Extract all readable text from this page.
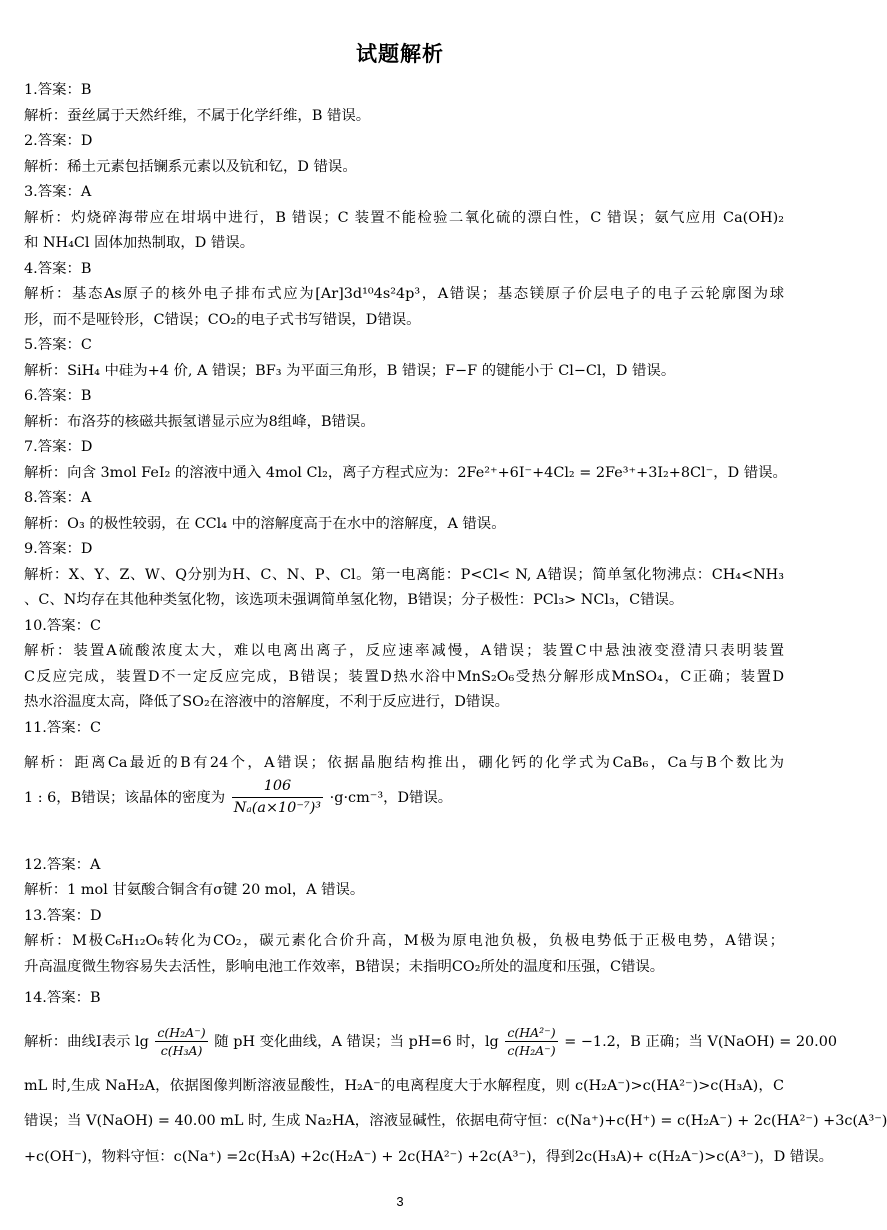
试题解析
1.答案：B
解析：蚕丝属于天然纤维，不属于化学纤维，B 错误。
2.答案：D
解析：稀土元素包括镧系元素以及钪和钇，D 错误。
3.答案：A
解析：灼烧碎海带应在坩埚中进行，B 错误；C 装置不能检验二氧化硫的漂白性，C 错误；氨气应用 Ca(OH)₂
和 NH₄Cl 固体加热制取，D 错误。
4.答案：B
解析：基态As原子的核外电子排布式应为[Ar]3d¹⁰4s²4p³，A错误；基态镁原子价层电子的电子云轮廓图为球
形，而不是哑铃形，C错误；CO₂的电子式书写错误，D错误。
5.答案：C
解析：SiH₄ 中硅为+4 价, A 错误；BF₃ 为平面三角形，B 错误；F−F 的键能小于 Cl−Cl，D 错误。
6.答案：B
解析：布洛芬的核磁共振氢谱显示应为8组峰，B错误。
7.答案：D
解析：向含 3mol FeI₂ 的溶液中通入 4mol Cl₂，离子方程式应为：2Fe²⁺+6I⁻+4Cl₂ = 2Fe³⁺+3I₂+8Cl⁻，D 错误。
8.答案：A
解析：O₃ 的极性较弱，在 CCl₄ 中的溶解度高于在水中的溶解度，A 错误。
9.答案：D
解析：X、Y、Z、W、Q分别为H、C、N、P、Cl。第一电离能：P<Cl< N, A错误；简单氢化物沸点：CH₄<NH₃
、C、N均存在其他种类氢化物，该选项未强调简单氢化物，B错误；分子极性：PCl₃> NCl₃，C错误。
10.答案：C
解析：装置A硫酸浓度太大，难以电离出离子，反应速率减慢，A错误；装置C中悬浊液变澄清只表明装置
C反应完成，装置D不一定反应完成，B错误；装置D热水浴中MnS₂O₆受热分解形成MnSO₄，C正确；装置D
热水浴温度太高，降低了SO₂在溶液中的溶解度，不利于反应进行，D错误。
11.答案：C
解析：距离Ca最近的B有24个，A错误；依据晶胞结构推出，硼化钙的化学式为CaB₆，Ca与B个数比为
1 : 6，B错误；该晶体的密度为 $\frac{106}{\text{Nₐ(a×10⁻⁷)³}} \cdot g\cdot cm^{-3}$，D错误。
12.答案：A
解析：1 mol 甘氨酸合铜含有σ键 20 mol，A 错误。
13.答案：D
解析：M极C₆H₁₂O₆转化为CO₂，碳元素化合价升高，M极为原电池负极，负极电势低于正极电势，A错误；
升高温度微生物容易失去活性，影响电池工作效率，B错误；未指明CO₂所处的温度和压强，C错误。
14.答案：B
解析：曲线Ⅰ表示 $\lg \frac{\text{c(H₂A⁻)}}{\text{c(H₃A)}}$ 随 pH 变化曲线，A 错误；当 pH=6 时，$\lg \frac{\text{c(HA²⁻)}}{\text{c(H₂A⁻)}} = -1.2$，B 正确；当 V(NaOH) = 20.00
mL 时,生成 NaH₂A，依据图像判断溶液显酸性，H₂A⁻的电离程度大于水解程度，则 c(H₂A⁻)>c(HA²⁻)>c(H₃A)，C
错误；当 V(NaOH) = 40.00 mL 时, 生成 Na₂HA，溶液显碱性，依据电荷守恒：c(Na⁺)+c(H⁺) = c(H₂A⁻) + 2c(HA²⁻) +3c(A³⁻)
+c(OH⁻)，物料守恒：c(Na⁺) =2c(H₃A) +2c(H₂A⁻) + 2c(HA²⁻) +2c(A³⁻)，得到2c(H₃A)+ c(H₂A⁻)>c(A³⁻)，D 错误。
3
